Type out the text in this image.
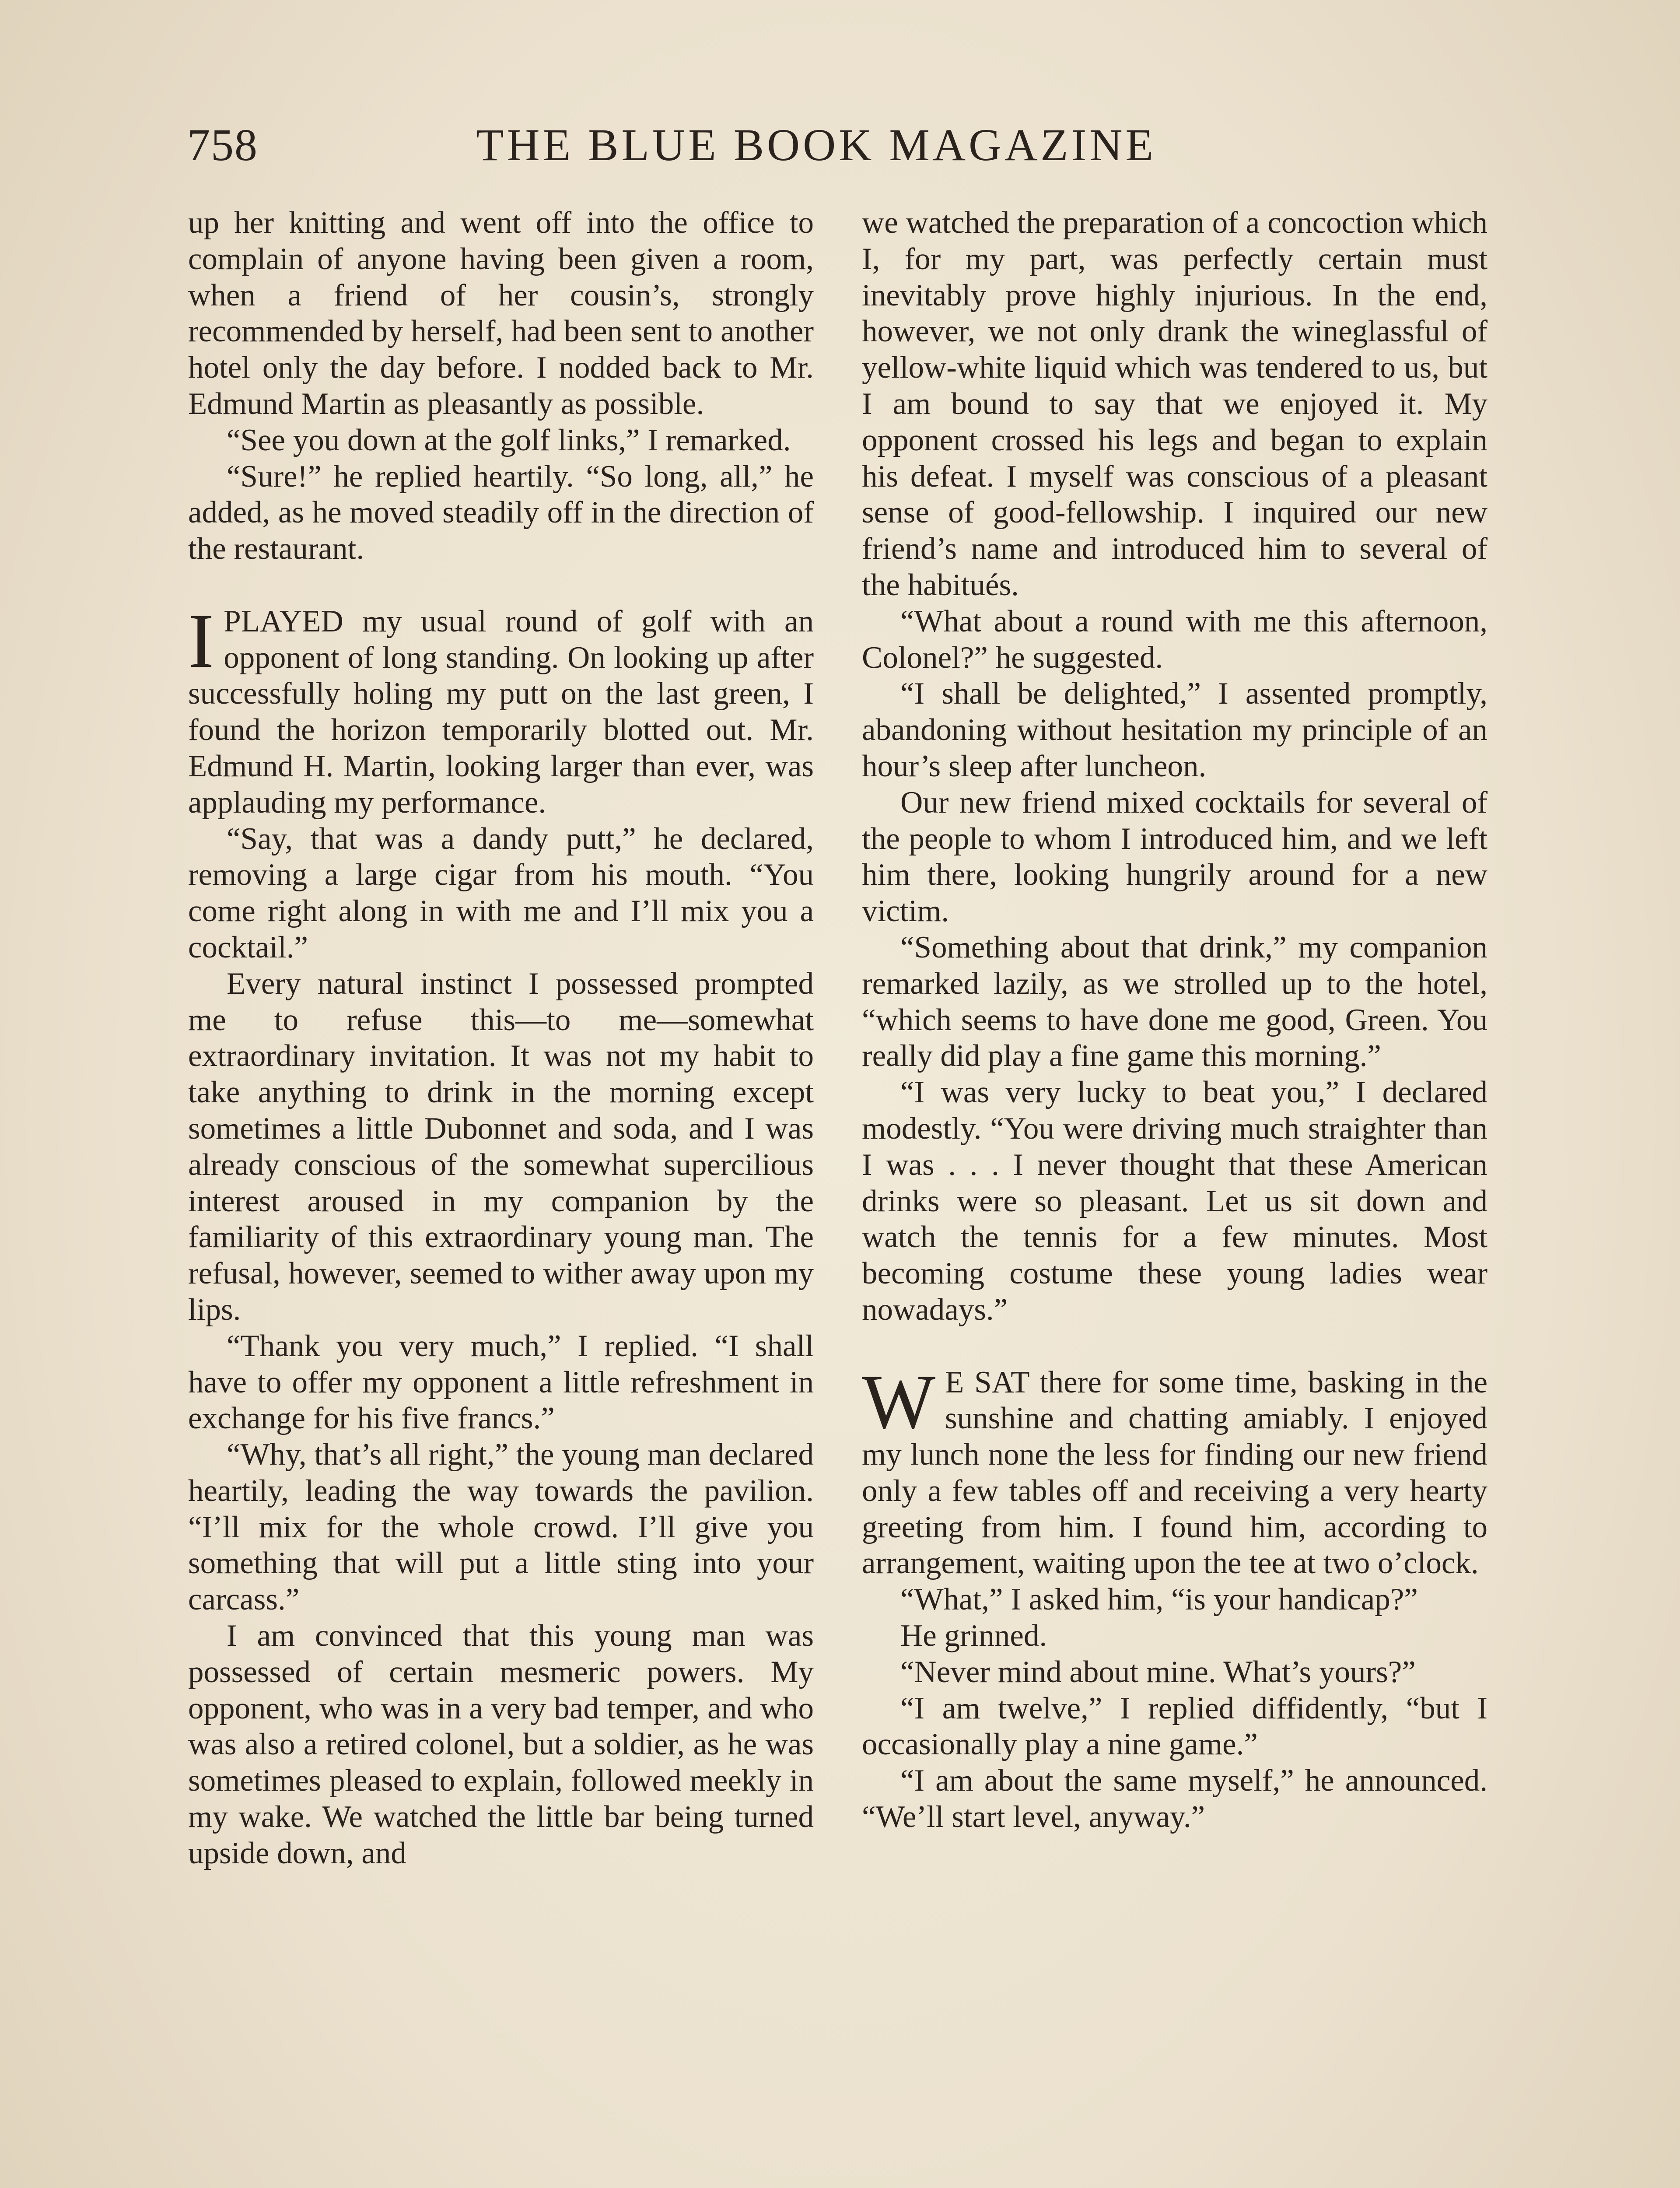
758	THE BLUE BOOK MAGAZINE

up her knitting and went off into the office to complain of anyone having been given a room, when a friend of her cousin’s, strongly recommended by herself, had been sent to another hotel only the day before. I nodded back to Mr. Edmund Martin as pleasantly as possible.

“See you down at the golf links,” I remarked.

“Sure!” he replied heartily. “So long, all,” he added, as he moved steadily off in the direction of the restaurant.

IPLAYED my usual round of golf with an opponent of long standing. On looking up after successfully holing my putt on the last green, I found the horizon temporarily blotted out. Mr. Edmund H. Martin, looking larger than ever, was applauding my performance.

“Say, that was a dandy putt,” he declared, removing a large cigar from his mouth. “You come right along in with me and I’ll mix you a cocktail.”

Every natural instinct I possessed prompted me to refuse this—to me—somewhat extraordinary invitation. It was not my habit to take anything to drink in the morning except sometimes a little Dubonnet and soda, and I was already conscious of the somewhat supercilious interest aroused in my companion by the familiarity of this extraordinary young man. The refusal, however, seemed to wither away upon my lips.

“Thank you very much,” I replied. “I shall have to offer my opponent a little refreshment in exchange for his five francs.”

“Why, that’s all right,” the young man declared heartily, leading the way towards the pavilion. “I’ll mix for the whole crowd. I’ll give you something that will put a little sting into your carcass.”

I am convinced that this young man was possessed of certain mesmeric powers. My opponent, who was in a very bad temper, and who was also a retired colonel, but a soldier, as he was sometimes pleased to explain, followed meekly in my wake. We watched the little bar being turned upside down, and

we watched the preparation of a concoction which I, for my part, was perfectly certain must inevitably prove highly injurious. In the end, however, we not only drank the wineglassful of yellow-white liquid which was tendered to us, but I am bound to say that we enjoyed it. My opponent crossed his legs and began to explain his defeat. I myself was conscious of a pleasant sense of good-fellowship. I inquired our new friend’s name and introduced him to several of the habitués.

“What about a round with me this afternoon, Colonel?” he suggested.

“I shall be delighted,” I assented promptly, abandoning without hesitation my principle of an hour’s sleep after luncheon.

Our new friend mixed cocktails for several of the people to whom I introduced him, and we left him there, looking hungrily around for a new victim.

“Something about that drink,” my companion remarked lazily, as we strolled up to the hotel, “which seems to have done me good, Green. You really did play a fine game this morning.”

“I was very lucky to beat you,” I declared modestly. “You were driving much straighter than I was . . . I never thought that these American drinks were so pleasant. Let us sit down and watch the tennis for a few minutes. Most becoming costume these young ladies wear nowadays.”

W E SAT there for some time, basking in the sunshine and chatting amiably. I enjoyed my lunch none the less for finding our new friend only a few tables off and receiving a very hearty greeting from him. I found him, according to arrangement, waiting upon the tee at two o’clock.

“What,” I asked him, “is your handicap?”

He grinned.

“Never mind about mine. What’s yours?”

“I am twelve,” I replied diffidently, “but I occasionally play a nine game.”

“I am about the same myself,” he announced. “We’ll start level, anyway.”
